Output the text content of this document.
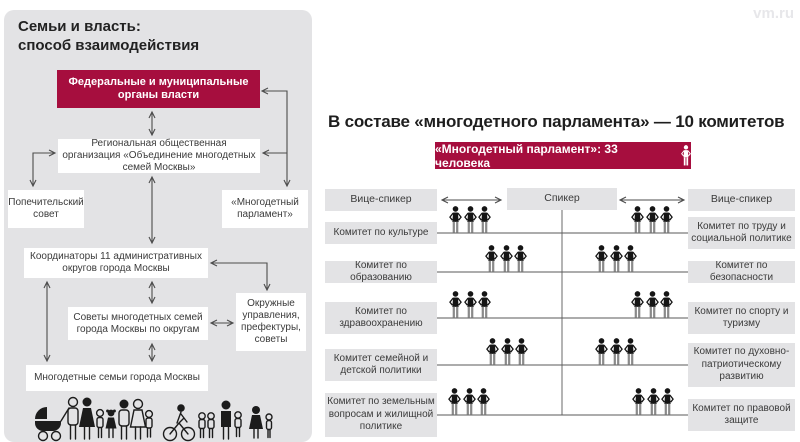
vm.ru
Семьи и власть:
способ взаимодействия
Федеральные и муниципальные органы власти
Региональная общественная организация «Объединение многодетных семей Москвы»
Попечительский совет
«Многодетный парламент»
Координаторы 11 административных округов города Москвы
Окружные управления, префектуры, советы
Советы многодетных семей города Москвы по округам
Многодетные семьи города Москвы
В составе «многодетного парламента» — 10 комитетов
«Многодетный парламент»: 33 человека
Вице-спикер	Спикер	Вице-спикер
Комитет по культуре
Комитет по образованию
Комитет по здравоохранению
Комитет семейной и детской политики
Комитет по земельным вопросам и жилищной политике
Комитет по труду и социальной политике
Комитет по безопасности
Комитет по спорту и туризму
Комитет по духовно-патриотическому развитию
Комитет по правовой защите
